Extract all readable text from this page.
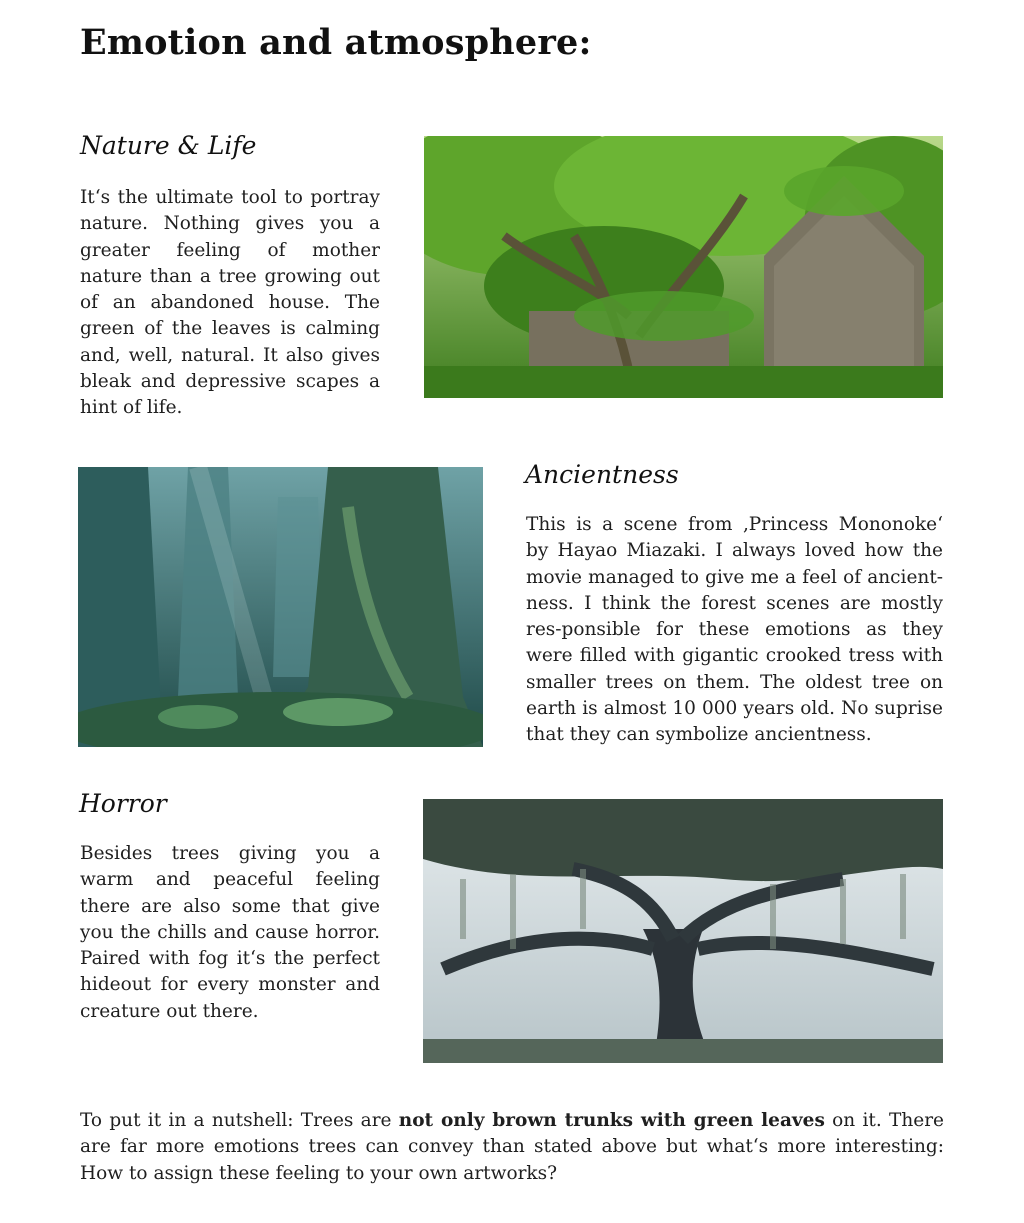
Emotion and atmosphere:
Nature & Life

It‘s the ultimate tool to portray nature. Nothing gives you a greater feeling of mother nature than a tree growing out of an abandoned house. The green of the leaves is calming and, well, natural. It also gives bleak and depressive scapes a hint of life.

Ancientness

This is a scene from ‚Princess Mononoke‘ by Hayao Miazaki. I always loved how the movie managed to give me a feel of ancient-ness. I think the forest scenes are mostly res-ponsible for these emotions as they were filled with gigantic crooked tress with smaller trees on them. The oldest tree on earth is almost 10 000 years old. No suprise that they can symbolize ancientness.

Horror

Besides trees giving you a warm and peaceful feeling there are also some that give you the chills and cause horror. Paired with fog it‘s the perfect hideout for every monster and creature out there.

To put it in a nutshell: Trees are not only brown trunks with green leaves on it. There are far more emotions trees can convey than stated above but what‘s more interesting: How to assign these feeling to your own artworks?
